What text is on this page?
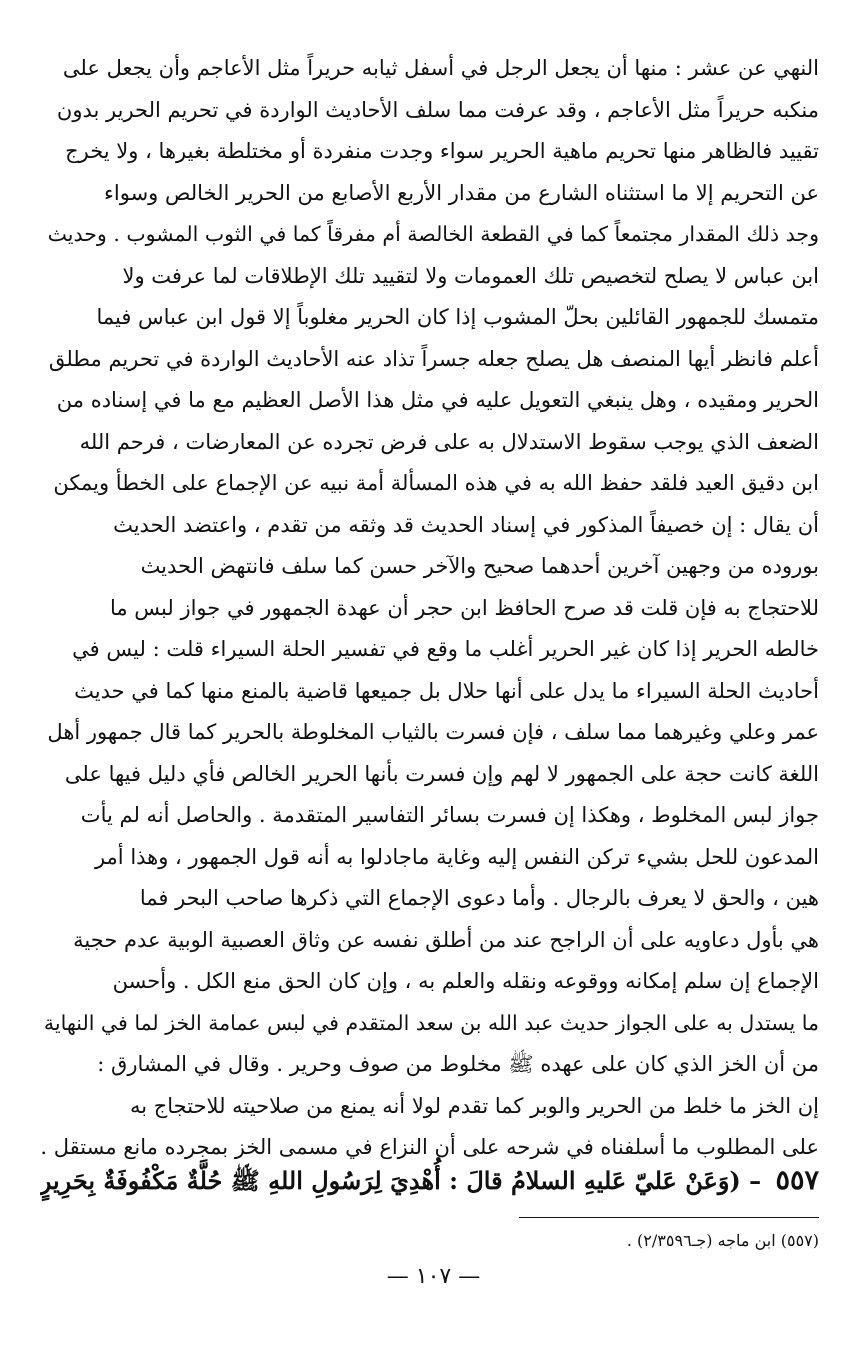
النهي عن عشر : منها أن يجعل الرجل في أسفل ثيابه حريراً مثل الأعاجم وأن يجعل على
منكبه حريراً مثل الأعاجم ، وقد عرفت مما سلف الأحاديث الواردة في تحريم الحرير بدون
تقييد فالظاهر منها تحريم ماهية الحرير سواء وجدت منفردة أو مختلطة بغيرها ، ولا يخرج
عن التحريم إلا ما استثناه الشارع من مقدار الأربع الأصابع من الحرير الخالص وسواء
وجد ذلك المقدار مجتمعاً كما في القطعة الخالصة أم مفرقاً كما في الثوب المشوب . وحديث
ابن عباس لا يصلح لتخصيص تلك العمومات ولا لتقييد تلك الإطلاقات لما عرفت ولا
متمسك للجمهور القائلين بحلّ المشوب إذا كان الحرير مغلوباً إلا قول ابن عباس فيما
أعلم فانظر أيها المنصف هل يصلح جعله جسراً تذاد عنه الأحاديث الواردة في تحريم مطلق
الحرير ومقيده ، وهل ينبغي التعويل عليه في مثل هذا الأصل العظيم مع ما في إسناده من
الضعف الذي يوجب سقوط الاستدلال به على فرض تجرده عن المعارضات ، فرحم الله
ابن دقيق العيد فلقد حفظ الله به في هذه المسألة أمة نبيه عن الإجماع على الخطأ ويمكن
أن يقال : إن خصيفاً المذكور في إسناد الحديث قد وثقه من تقدم ، واعتضد الحديث
بوروده من وجهين آخرين أحدهما صحيح والآخر حسن كما سلف فانتهض الحديث
للاحتجاج به فإن قلت قد صرح الحافظ ابن حجر أن عهدة الجمهور في جواز لبس ما
خالطه الحرير إذا كان غير الحرير أغلب ما وقع في تفسير الحلة السيراء قلت : ليس في
أحاديث الحلة السيراء ما يدل على أنها حلال بل جميعها قاضية بالمنع منها كما في حديث
عمر وعلي وغيرهما مما سلف ، فإن فسرت بالثياب المخلوطة بالحرير كما قال جمهور أهل
اللغة كانت حجة على الجمهور لا لهم وإن فسرت بأنها الحرير الخالص فأي دليل فيها على
جواز لبس المخلوط ، وهكذا إن فسرت بسائر التفاسير المتقدمة . والحاصل أنه لم يأت
المدعون للحل بشيء تركن النفس إليه وغاية ماجادلوا به أنه قول الجمهور ، وهذا أمر
هين ، والحق لا يعرف بالرجال . وأما دعوى الإجماع التي ذكرها صاحب البحر فما
هي بأول دعاويه على أن الراجح عند من أطلق نفسه عن وثاق العصبية الوبية عدم حجية
الإجماع إن سلم إمكانه ووقوعه ونقله والعلم به ، وإن كان الحق منع الكل . وأحسن
ما يستدل به على الجواز حديث عبد الله بن سعد المتقدم في لبس عمامة الخز لما في النهاية
من أن الخز الذي كان على عهده ﷺ مخلوط من صوف وحرير . وقال في المشارق :
إن الخز ما خلط من الحرير والوبر كما تقدم لولا أنه يمنع من صلاحيته للاحتجاج به
على المطلوب ما أسلفناه في شرحه على أن النزاع في مسمى الخز بمجرده مانع مستقل .
٥٥٧ – (وَعَنْ عَليّ عَليهِ السلامُ قالَ : أُهْدِيَ لِرَسُولِ اللهِ ﷺ حُلَّةٌ مَكْفُوفَةٌ بِحَرِيرٍ
(٥٥٧) ابن ماجه (جـ٢/٣٥٩٦) .
— ١٠٧ —
